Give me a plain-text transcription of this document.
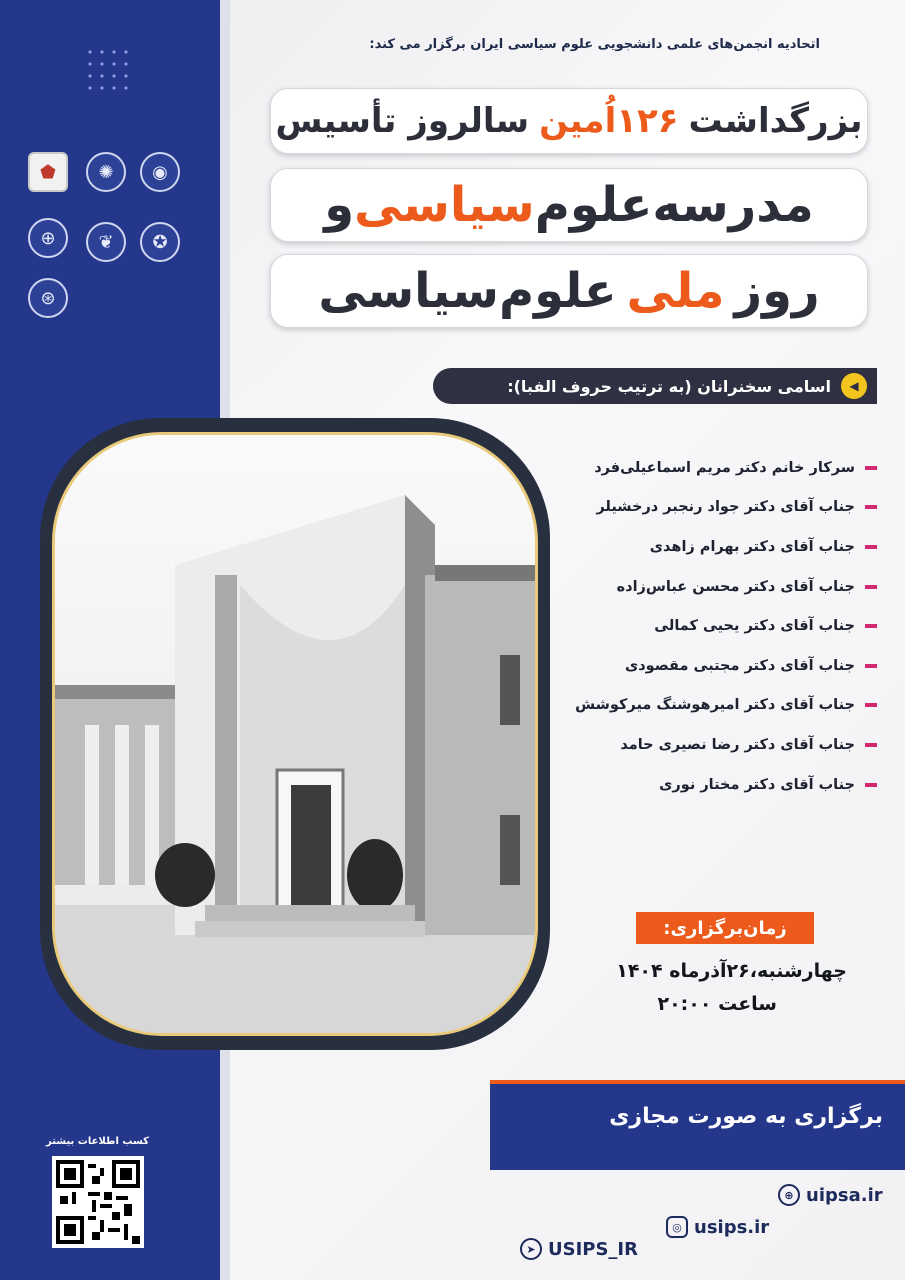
⬟	✺	◉
⊕	❦	✪
⊛
اتحادیه انجمن‌های علمی دانشجویی علوم سیاسی ایران برگزار می کند:
بزرگداشت
۱۲۶اُمین
سالروز تأسیس
مدرسه‌علوم
سیاسی
و
روز
ملی
علوم‌سیاسی
◀
اسامی سخنرانان (به ترتیب حروف الفبا):
سرکار خانم دکتر مریم اسماعیلی‌فرد
جناب آقای دکتر جواد رنجبر درخشیلر
جناب آقای دکتر بهرام زاهدی
جناب آقای دکتر محسن عباس‌زاده
جناب آقای دکتر یحیی کمالی
جناب آقای دکتر مجتبی مقصودی
جناب آقای دکتر امیرهوشنگ میرکوشش
جناب آقای دکتر رضا نصیری حامد
جناب آقای دکتر مختار نوری
زمان‌برگزاری:
چهارشنبه،۲۶آذرماه ۱۴۰۴
ساعت ۲۰:۰۰
برگزاری به صورت مجازی
⊕ uipsa.ir
◎ usips.ir
➤ USIPS_IR
کسب اطلاعات بیشتر
